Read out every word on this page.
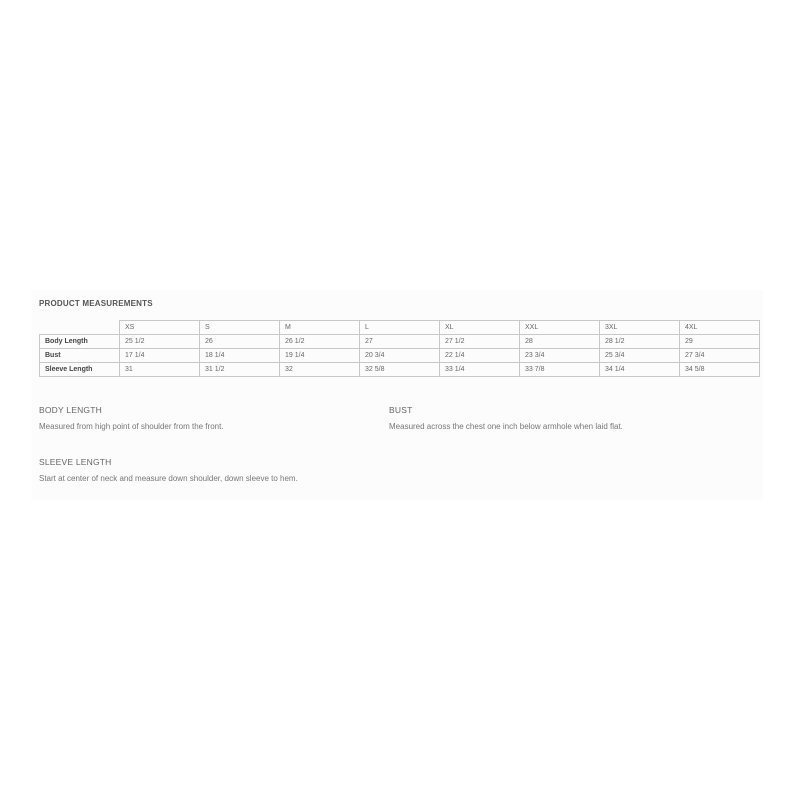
PRODUCT MEASUREMENTS
	XS	S	M	L	XL	XXL	3XL	4XL
Body Length	25 1/2	26	26 1/2	27	27 1/2	28	28 1/2	29
Bust	17 1/4	18 1/4	19 1/4	20 3/4	22 1/4	23 3/4	25 3/4	27 3/4
Sleeve Length	31	31 1/2	32	32 5/8	33 1/4	33 7/8	34 1/4	34 5/8
BODY LENGTH
Measured from high point of shoulder from the front.
BUST
Measured across the chest one inch below armhole when laid flat.
SLEEVE LENGTH
Start at center of neck and measure down shoulder, down sleeve to hem.
